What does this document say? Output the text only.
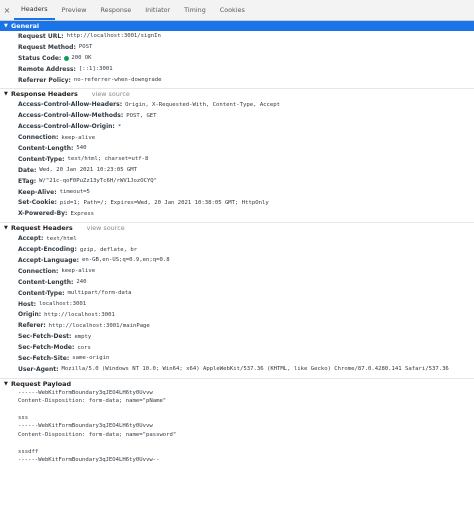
×	Headers	Preview	Response	Initiator	Timing	Cookies
▼ General
Request URL: http://localhost:3001/signIn
Request Method: POST
Status Code: 200 OK
Remote Address: [::1]:3001
Referrer Policy: no-referrer-when-downgrade
▼ Response Headers view source
Access-Control-Allow-Headers: Origin, X-Requested-With, Content-Type, Accept
Access-Control-Allow-Methods: POST, GET
Access-Control-Allow-Origin: *
Connection: keep-alive
Content-Length: 540
Content-Type: text/html; charset=utf-8
Date: Wed, 20 Jan 2021 10:23:05 GMT
ETag: W/"21c-qoF0PuZz13yTc6H/rWV1JozOCYQ"
Keep-Alive: timeout=5
Set-Cookie: pid=1; Path=/; Expires=Wed, 20 Jan 2021 10:38:05 GMT; HttpOnly
X-Powered-By: Express
▼ Request Headers view source
Accept: text/html
Accept-Encoding: gzip, deflate, br
Accept-Language: en-GB,en-US;q=0.9,en;q=0.8
Connection: keep-alive
Content-Length: 240
Content-Type: multipart/form-data
Host: localhost:3001
Origin: http://localhost:3001
Referer: http://localhost:3001/mainPage
Sec-Fetch-Dest: empty
Sec-Fetch-Mode: cors
Sec-Fetch-Site: same-origin
User-Agent: Mozilla/5.0 (Windows NT 10.0; Win64; x64) AppleWebKit/537.36 (KHTML, like Gecko) Chrome/87.0.4280.141 Safari/537.36
▼ Request Payload
------WebKitFormBoundary3qJEO4LH6ty0Uvvw
Content-Disposition: form-data; name="pName"
sss
------WebKitFormBoundary3qJEO4LH6ty0Uvvw
Content-Disposition: form-data; name="password"
sssdff
------WebKitFormBoundary3qJEO4LH6ty0Uvvw--
